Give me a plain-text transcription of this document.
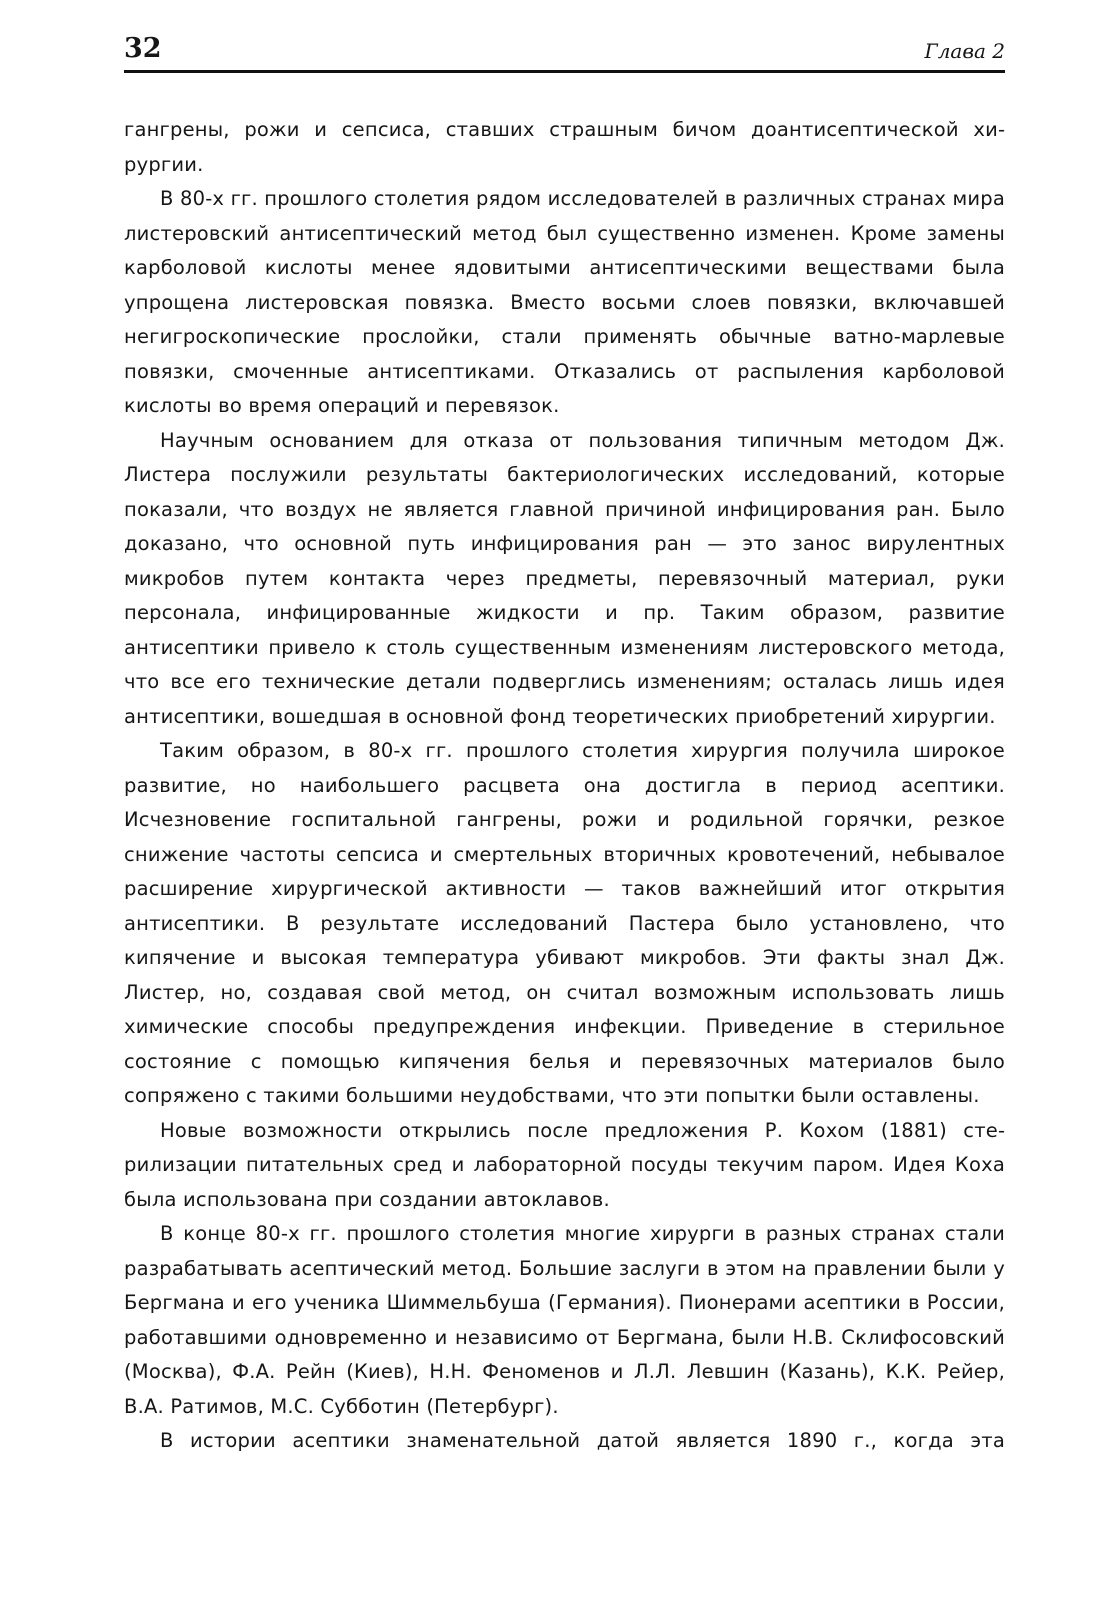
32	Глава 2

гангрены, рожи и сепсиса, ставших страшным бичом доантисептической хирургии.

В 80-х гг. прошлого столетия рядом исследователей в различных странах мира листеровский антисептический метод был существенно изменен. Кроме замены карболовой кислоты менее ядовитыми антисептическими веществами была упрощена листеровская повязка. Вместо восьми слоев повязки, включавшей негигроскопические прослойки, стали применять обычные ватно-марлевые повязки, смоченные антисептиками. Отказались от распыления карболовой кислоты во время операций и перевязок.

Научным основанием для отказа от пользования типичным методом Дж. Листера послужили результаты бактериологических исследований, которые показали, что воздух не является главной причиной инфицирования ран. Было доказано, что основной путь инфицирования ран — это занос вирулентных микробов путем контакта через предметы, перевязочный материал, руки персонала, инфицированные жидкости и пр. Таким образом, развитие антисептики привело к столь существенным изменениям листеровского метода, что все его технические детали подверглись изменениям; осталась лишь идея антисептики, вошедшая в основной фонд теоретических приобретений хирургии.

Таким образом, в 80-х гг. прошлого столетия хирургия получила широкое развитие, но наибольшего расцвета она достигла в период асептики. Исчезновение госпитальной гангрены, рожи и родильной горячки, резкое снижение частоты сепсиса и смертельных вторичных кровотечений, небывалое расширение хирургической активности — таков важнейший итог открытия антисептики. В результате исследований Пастера было установлено, что кипячение и высокая температура убивают микробов. Эти факты знал Дж. Листер, но, создавая свой метод, он считал возможным использовать лишь химические способы предупреждения инфекции. Приведение в стерильное состояние с помощью кипячения белья и перевязочных материалов было сопряжено с такими большими неудобствами, что эти попытки были оставлены.

Новые возможности открылись после предложения Р. Кохом (1881) стерилизации питательных сред и лабораторной посуды текучим паром. Идея Коха была использована при создании автоклавов.

В конце 80-х гг. прошлого столетия многие хирурги в разных странах стали разрабатывать асептический метод. Большие заслуги в этом на правлении были у Бергмана и его ученика Шиммельбуша (Германия). Пионерами асептики в России, работавшими одновременно и независимо от Бергмана, были Н.В. Склифосовский (Москва), Ф.А. Рейн (Киев), Н.Н. Феноменов и Л.Л. Левшин (Казань), К.К. Рейер, В.А. Ратимов, М.С. Субботин (Петербург).

В истории асептики знаменательной датой является 1890 г., когда эта
